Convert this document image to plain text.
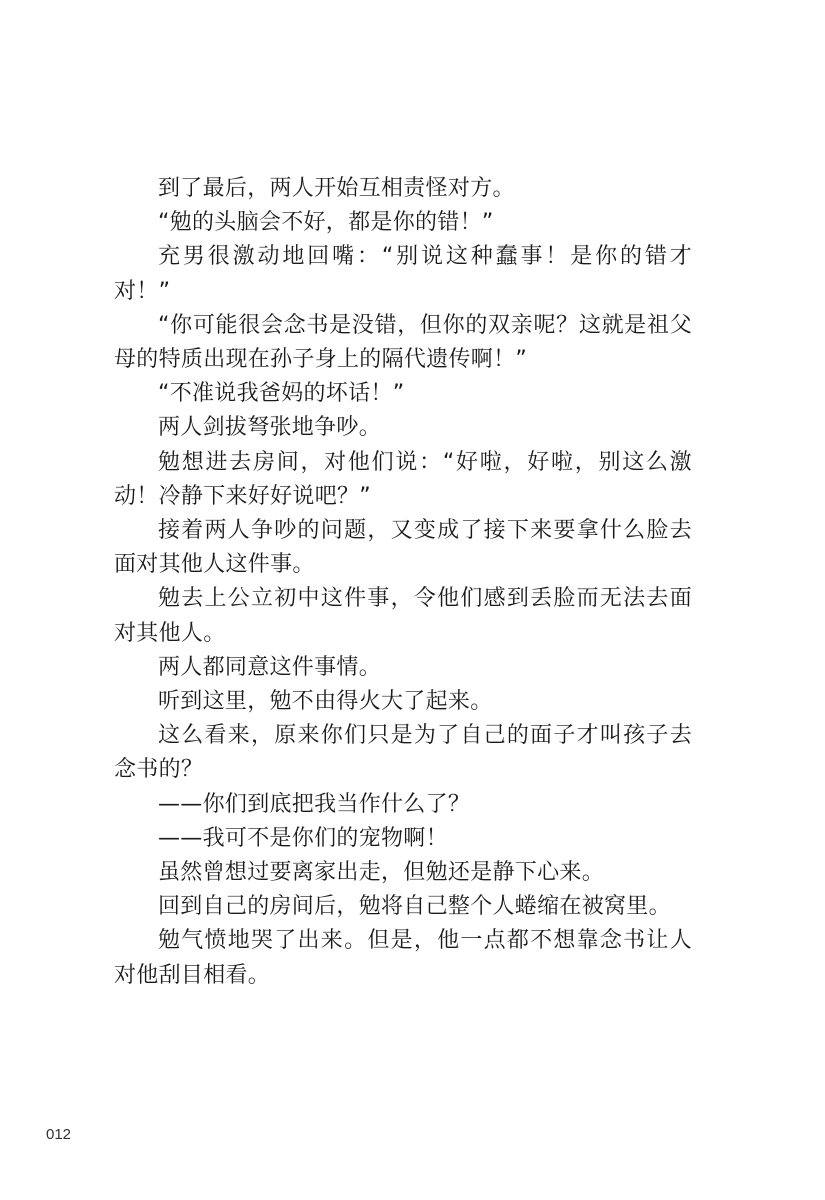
到了最后，两人开始互相责怪对方。

“勉的头脑会不好，都是你的错！”

充男很激动地回嘴：“别说这种蠢事！是你的错才对！”

“你可能很会念书是没错，但你的双亲呢？这就是祖父母的特质出现在孙子身上的隔代遗传啊！”

“不准说我爸妈的坏话！”

两人剑拔弩张地争吵。

勉想进去房间，对他们说：“好啦，好啦，别这么激动！冷静下来好好说吧？”

接着两人争吵的问题，又变成了接下来要拿什么脸去面对其他人这件事。

勉去上公立初中这件事，令他们感到丢脸而无法去面对其他人。

两人都同意这件事情。

听到这里，勉不由得火大了起来。

这么看来，原来你们只是为了自己的面子才叫孩子去念书的？

——你们到底把我当作什么了？

——我可不是你们的宠物啊！

虽然曾想过要离家出走，但勉还是静下心来。

回到自己的房间后，勉将自己整个人蜷缩在被窝里。

勉气愤地哭了出来。但是，他一点都不想靠念书让人对他刮目相看。

012
